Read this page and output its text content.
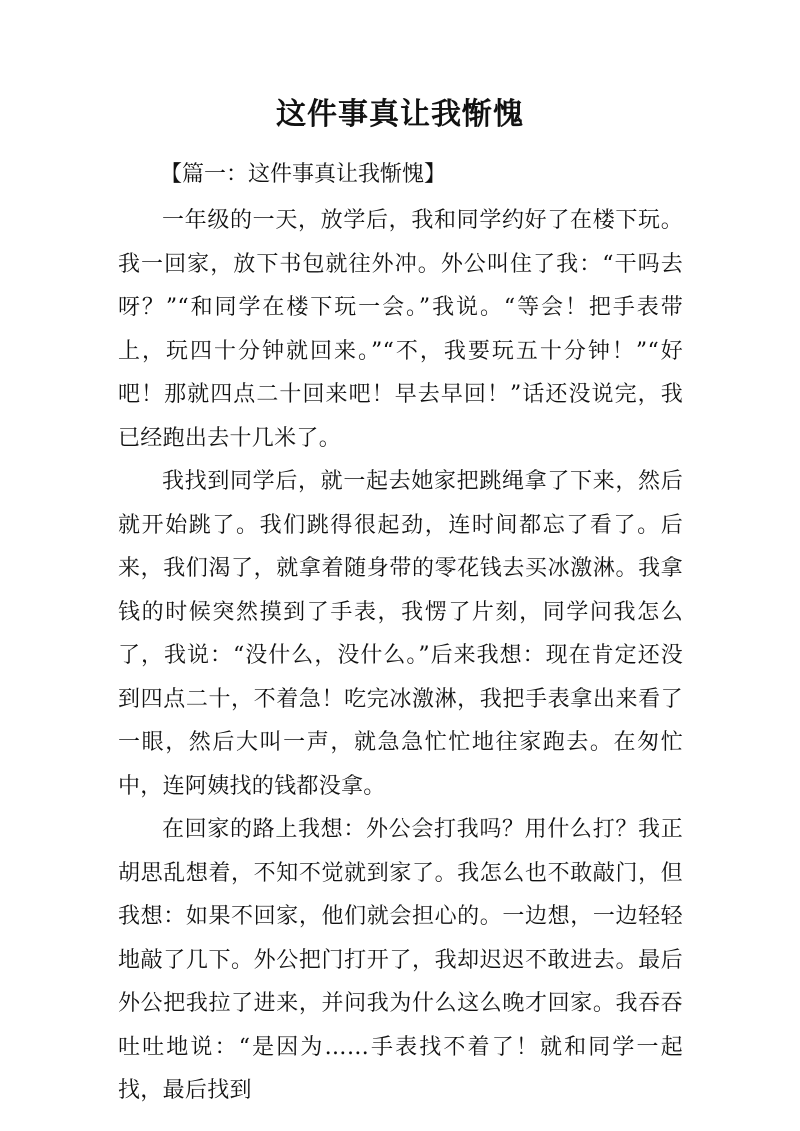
这件事真让我惭愧
【篇一：这件事真让我惭愧】

一年级的一天，放学后，我和同学约好了在楼下玩。我一回家，放下书包就往外冲。外公叫住了我：“干吗去呀？”“和同学在楼下玩一会。”我说。“等会！把手表带上，玩四十分钟就回来。”“不，我要玩五十分钟！”“好吧！那就四点二十回来吧！早去早回！”话还没说完，我已经跑出去十几米了。

我找到同学后，就一起去她家把跳绳拿了下来，然后就开始跳了。我们跳得很起劲，连时间都忘了看了。后来，我们渴了，就拿着随身带的零花钱去买冰激淋。我拿钱的时候突然摸到了手表，我愣了片刻，同学问我怎么了，我说：“没什么，没什么。”后来我想：现在肯定还没到四点二十，不着急！吃完冰激淋，我把手表拿出来看了一眼，然后大叫一声，就急急忙忙地往家跑去。在匆忙中，连阿姨找的钱都没拿。

在回家的路上我想：外公会打我吗？用什么打？我正胡思乱想着，不知不觉就到家了。我怎么也不敢敲门，但我想：如果不回家，他们就会担心的。一边想，一边轻轻地敲了几下。外公把门打开了，我却迟迟不敢进去。最后外公把我拉了进来，并问我为什么这么晚才回家。我吞吞吐吐地说：“是因为……手表找不着了！就和同学一起找，最后找到
